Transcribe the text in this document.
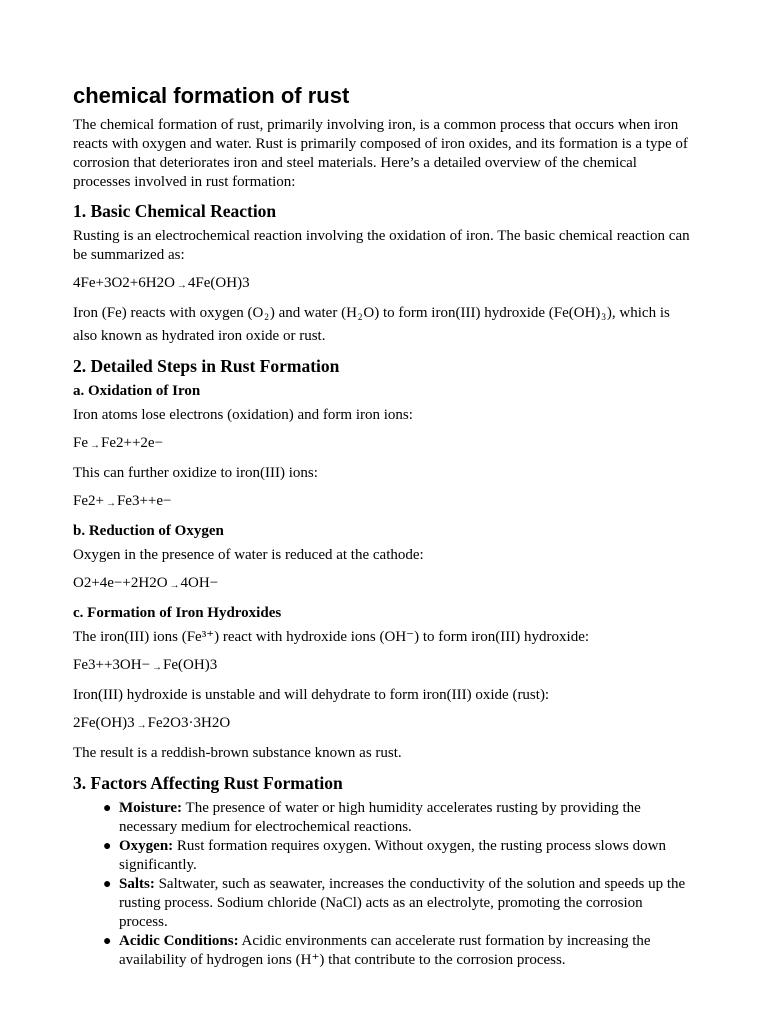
chemical formation of rust

The chemical formation of rust, primarily involving iron, is a common process that occurs when iron reacts with oxygen and water. Rust is primarily composed of iron oxides, and its formation is a type of corrosion that deteriorates iron and steel materials. Here’s a detailed overview of the chemical processes involved in rust formation:

1. Basic Chemical Reaction

Rusting is an electrochemical reaction involving the oxidation of iron. The basic chemical reaction can be summarized as:

4Fe+3O2+6H2O →4Fe(OH)3

Iron (Fe) reacts with oxygen $(O_2)$ and water $(H_2O)$ to form iron(III) hydroxide $(Fe(OH)_3)$, which is also known as hydrated iron oxide or rust.

2. Detailed Steps in Rust Formation
a. Oxidation of Iron

Iron atoms lose electrons (oxidation) and form iron ions:

Fe →Fe2++2e−

This can further oxidize to iron(III) ions:

Fe2+ →Fe3++e−
b. Reduction of Oxygen

Oxygen in the presence of water is reduced at the cathode:

O2+4e−+2H2O →4OH−
c. Formation of Iron Hydroxides

The iron(III) ions (Fe³⁺) react with hydroxide ions (OH⁻) to form iron(III) hydroxide:

Fe3++3OH− →Fe(OH)3

Iron(III) hydroxide is unstable and will dehydrate to form iron(III) oxide (rust):

2Fe(OH)3 →Fe2O3·3H2O

The result is a reddish-brown substance known as rust.

3. Factors Affecting Rust Formation
● Moisture: The presence of water or high humidity accelerates rusting by providing the necessary medium for electrochemical reactions.
● Oxygen: Rust formation requires oxygen. Without oxygen, the rusting process slows down significantly.
● Salts: Saltwater, such as seawater, increases the conductivity of the solution and speeds up the rusting process. Sodium chloride (NaCl) acts as an electrolyte, promoting the corrosion process.
● Acidic Conditions: Acidic environments can accelerate rust formation by increasing the availability of hydrogen ions (H⁺) that contribute to the corrosion process.
